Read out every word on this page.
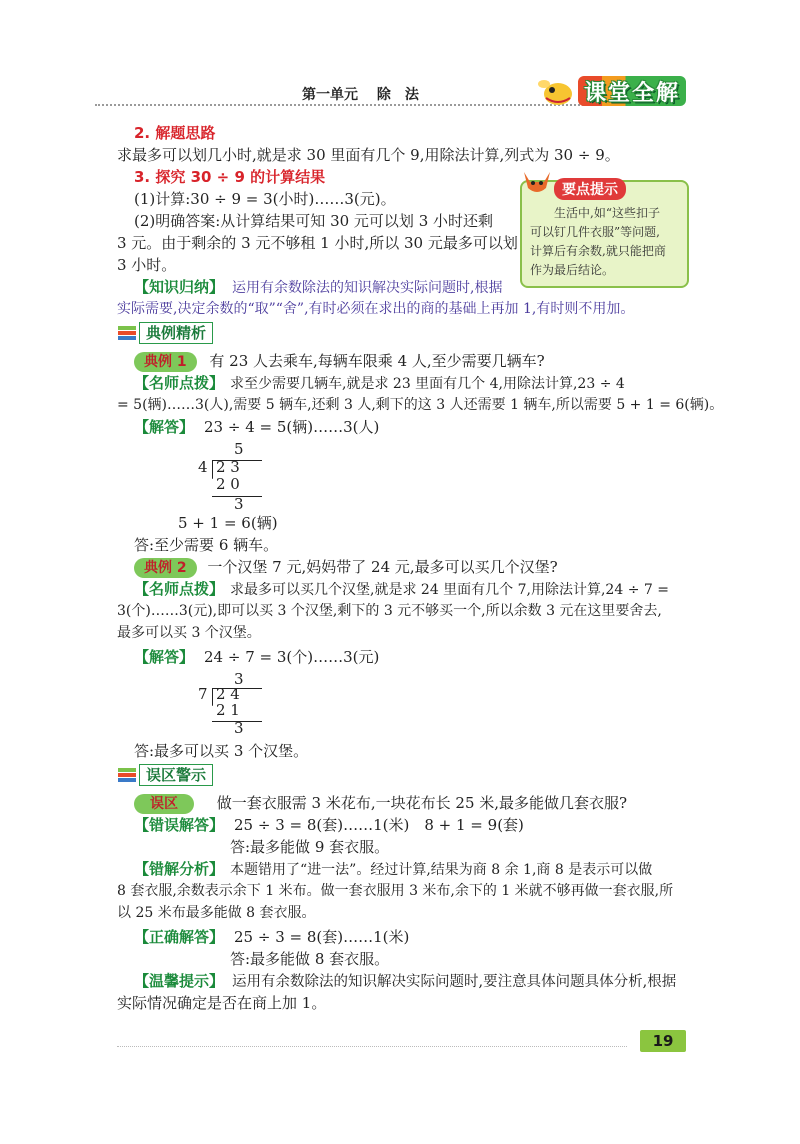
第一单元 除　法	课堂全解
2. 解题思路
求最多可以划几小时,就是求 30 里面有几个 9,用除法计算,列式为 30 ÷ 9。
3. 探究 30 ÷ 9 的计算结果
(1)计算:30 ÷ 9 = 3(小时)……3(元)。
(2)明确答案:从计算结果可知 30 元可以划 3 小时还剩
3 元。由于剩余的 3 元不够租 1 小时,所以 30 元最多可以划
3 小时。
要点提示
生活中,如“这些扣子
可以钉几件衣服”等问题,
计算后有余数,就只能把商
作为最后结论。
【知识归纳】 运用有余数除法的知识解决实际问题时,根据
实际需要,决定余数的“取”“舍”,有时必须在求出的商的基础上再加 1,有时则不用加。
典例精析
典例 1 有 23 人去乘车,每辆车限乘 4 人,至少需要几辆车?
【名师点拨】 求至少需要几辆车,就是求 23 里面有几个 4,用除法计算,23 ÷ 4
= 5(辆)……3(人),需要 5 辆车,还剩 3 人,剩下的这 3 人还需要 1 辆车,所以需要 5 + 1 = 6(辆)。
【解答】 23 ÷ 4 = 5(辆)……3(人)
5
4 2 3
2 0
3
5 + 1 = 6(辆)
答:至少需要 6 辆车。
典例 2 一个汉堡 7 元,妈妈带了 24 元,最多可以买几个汉堡?
【名师点拨】 求最多可以买几个汉堡,就是求 24 里面有几个 7,用除法计算,24 ÷ 7 =
3(个)……3(元),即可以买 3 个汉堡,剩下的 3 元不够买一个,所以余数 3 元在这里要舍去,
最多可以买 3 个汉堡。
【解答】 24 ÷ 7 = 3(个)……3(元)
3
7 2 4
2 1
3
答:最多可以买 3 个汉堡。
误区警示
误区	做一套衣服需 3 米花布,一块花布长 25 米,最多能做几套衣服?
【错误解答】 25 ÷ 3 = 8(套)……1(米)　8 + 1 = 9(套)
答:最多能做 9 套衣服。
【错解分析】 本题错用了“进一法”。经过计算,结果为商 8 余 1,商 8 是表示可以做
8 套衣服,余数表示余下 1 米布。做一套衣服用 3 米布,余下的 1 米就不够再做一套衣服,所
以 25 米布最多能做 8 套衣服。
【正确解答】 25 ÷ 3 = 8(套)……1(米)
答:最多能做 8 套衣服。
【温馨提示】 运用有余数除法的知识解决实际问题时,要注意具体问题具体分析,根据
实际情况确定是否在商上加 1。
19
